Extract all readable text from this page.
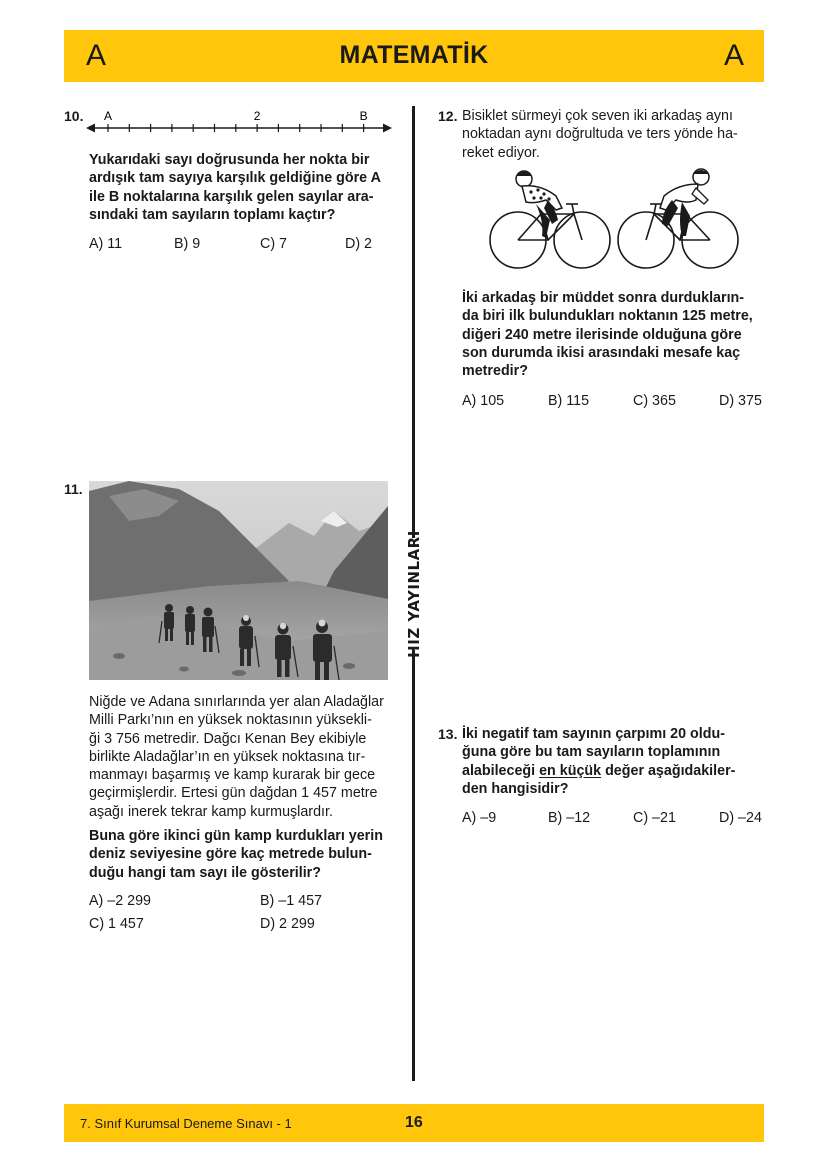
A	MATEMATİK	A
HIZ YAYINLARI
10. A	2	B
Yukarıdaki sayı doğrusunda her nokta bir
ardışık tam sayıya karşılık geldiğine göre A
ile B noktalarına karşılık gelen sayılar ara-
sındaki tam sayıların toplamı kaçtır?
A) 11	B) 9	C) 7	D) 2
11.
Niğde ve Adana sınırlarında yer alan Aladağlar
Milli Parkı’nın en yüksek noktasının yüksekli-
ği 3 756 metredir. Dağcı Kenan Bey ekibiyle
birlikte Aladağlar’ın en yüksek noktasına tır-
manmayı başarmış ve kamp kurarak bir gece
geçirmişlerdir. Ertesi gün dağdan 1 457 metre
aşağı inerek tekrar kamp kurmuşlardır.
Buna göre ikinci gün kamp kurdukları yerin
deniz seviyesine göre kaç metrede bulun-
duğu hangi tam sayı ile gösterilir?
A) –2 299	B) –1 457
C) 1 457	D) 2 299
12. Bisiklet sürmeyi çok seven iki arkadaş aynı
noktadan aynı doğrultuda ve ters yönde ha-
reket ediyor.
İki arkadaş bir müddet sonra durdukların-
da biri ilk bulundukları noktanın 125 metre,
diğeri 240 metre ilerisinde olduğuna göre
son durumda ikisi arasındaki mesafe kaç
metredir?
A) 105	B) 115	C) 365	D) 375
13. İki negatif tam sayının çarpımı 20 oldu-
ğuna göre bu tam sayıların toplamının
alabileceği en küçük değer aşağıdakiler-
den hangisidir?
A) –9	B) –12	C) –21	D) –24
7. Sınıf Kurumsal Deneme Sınavı - 1	16
